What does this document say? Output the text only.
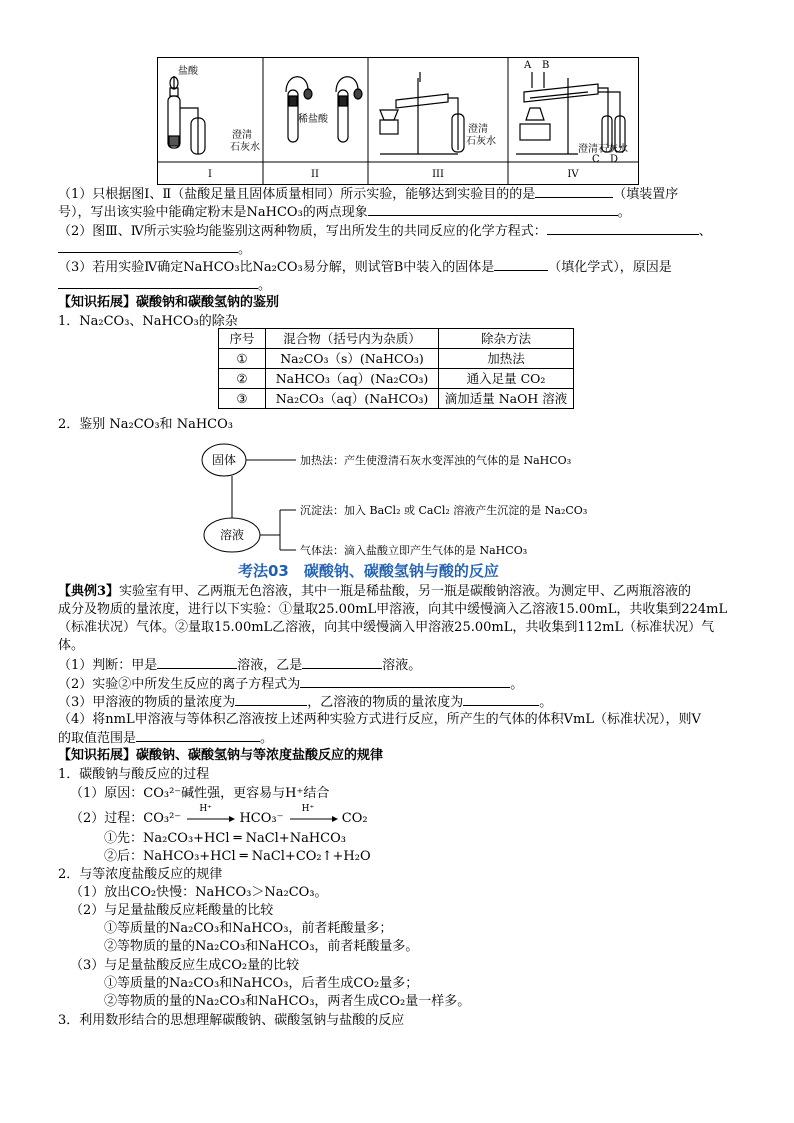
盐酸
澄清
石灰水
稀盐酸
澄清
石灰水
A B
澄清石灰水
C D
I	II	III	IV
（1）只根据图Ⅰ、Ⅱ（盐酸足量且固体质量相同）所示实验，能够达到实验目的的是	（填装置序
号），写出该实验中能确定粉末是NaHCO₃的两点现象	。
（2）图Ⅲ、Ⅳ所示实验均能鉴别这两种物质，写出所发生的共同反应的化学方程式：	、
。
（3）若用实验Ⅳ确定NaHCO₃比Na₂CO₃易分解，则试管B中装入的固体是	（填化学式），原因是
。
【知识拓展】碳酸钠和碳酸氢钠的鉴别
1．Na₂CO₃、NaHCO₃的除杂
序号	混合物（括号内为杂质）	除杂方法
①	Na₂CO₃（s）(NaHCO₃)	加热法
②	NaHCO₃（aq）(Na₂CO₃)	通入足量 CO₂
③	Na₂CO₃（aq）(NaHCO₃)	滴加适量 NaOH 溶液
2．鉴别 Na₂CO₃和 NaHCO₃
固体
溶液
加热法：产生使澄清石灰水变浑浊的气体的是 NaHCO₃
沉淀法：加入 BaCl₂ 或 CaCl₂ 溶液产生沉淀的是 Na₂CO₃
气体法：滴入盐酸立即产生气体的是 NaHCO₃
考法03　碳酸钠、碳酸氢钠与酸的反应
【典例3】实验室有甲、乙两瓶无色溶液，其中一瓶是稀盐酸，另一瓶是碳酸钠溶液。为测定甲、乙两瓶溶液的
成分及物质的量浓度，进行以下实验：①量取25.00mL甲溶液，向其中缓慢滴入乙溶液15.00mL，共收集到224mL
（标准状况）气体。②量取15.00mL乙溶液，向其中缓慢滴入甲溶液25.00mL，共收集到112mL（标准状况）气
体。
（1）判断：甲是	溶液，乙是	溶液。
（2）实验②中所发生反应的离子方程式为	。
（3）甲溶液的物质的量浓度为	，乙溶液的物质的量浓度为	。
（4）将nmL甲溶液与等体积乙溶液按上述两种实验方式进行反应，所产生的气体的体积VmL（标准状况），则V
的取值范围是	。
【知识拓展】碳酸钠、碳酸氢钠与等浓度盐酸反应的规律
1．碳酸钠与酸反应的过程
（1）原因：CO₃²⁻碱性强，更容易与H⁺结合
（2）过程：CO₃²⁻
H⁺
HCO₃⁻
H⁺
CO₂
①先：Na₂CO₃+HCl ═ NaCl+NaHCO₃
②后：NaHCO₃+HCl ═ NaCl+CO₂↑+H₂O
2．与等浓度盐酸反应的规律
（1）放出CO₂快慢：NaHCO₃＞Na₂CO₃。
（2）与足量盐酸反应耗酸量的比较
①等质量的Na₂CO₃和NaHCO₃，前者耗酸量多；
②等物质的量的Na₂CO₃和NaHCO₃，前者耗酸量多。
（3）与足量盐酸反应生成CO₂量的比较
①等质量的Na₂CO₃和NaHCO₃，后者生成CO₂量多；
②等物质的量的Na₂CO₃和NaHCO₃，两者生成CO₂量一样多。
3．利用数形结合的思想理解碳酸钠、碳酸氢钠与盐酸的反应
